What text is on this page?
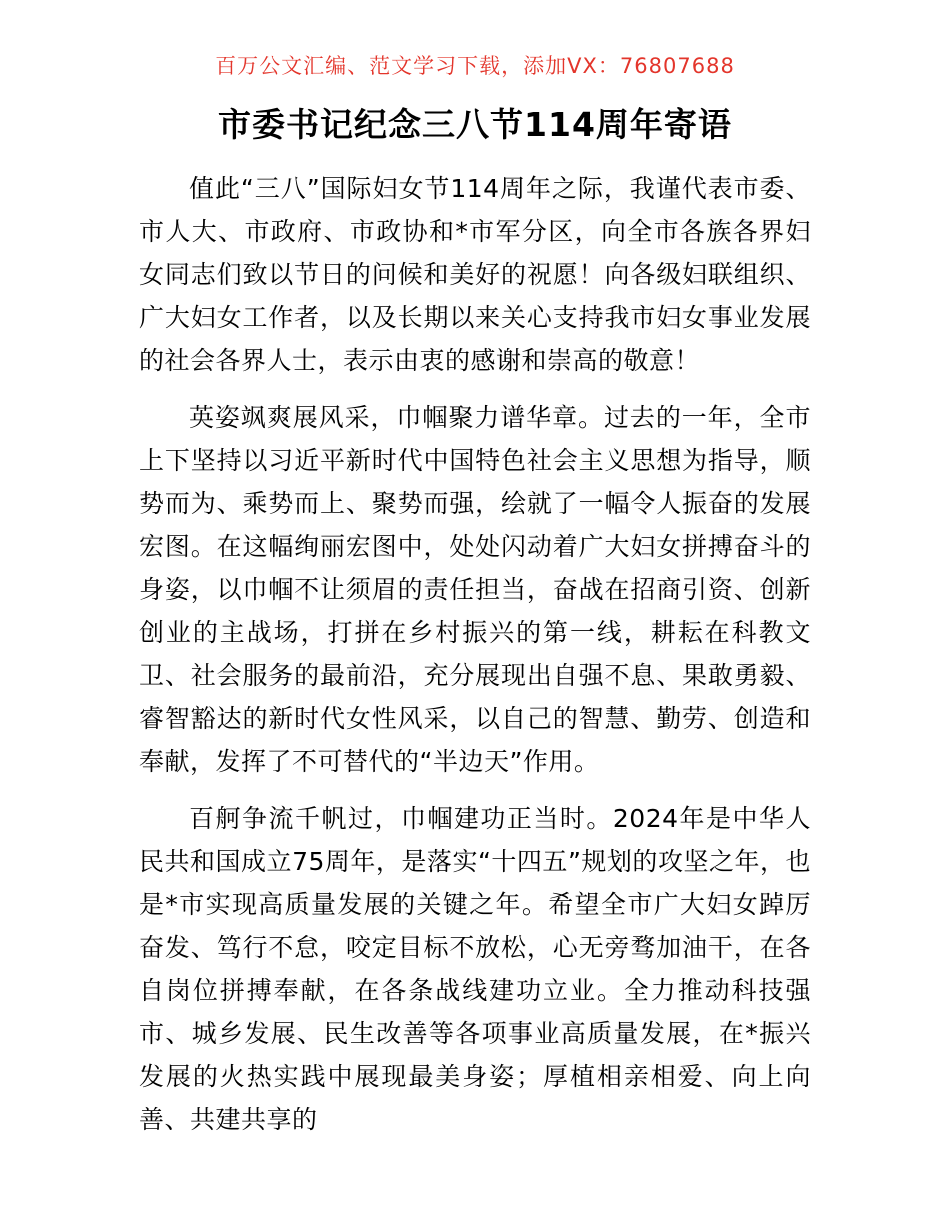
百万公文汇编、范文学习下载，添加VX：76807688
市委书记纪念三八节114周年寄语

值此“三八”国际妇女节114周年之际，我谨代表市委、市人大、市政府、市政协和*市军分区，向全市各族各界妇女同志们致以节日的问候和美好的祝愿！向各级妇联组织、广大妇女工作者，以及长期以来关心支持我市妇女事业发展的社会各界人士，表示由衷的感谢和崇高的敬意！

英姿飒爽展风采，巾帼聚力谱华章。过去的一年，全市上下坚持以习近平新时代中国特色社会主义思想为指导，顺势而为、乘势而上、聚势而强，绘就了一幅令人振奋的发展宏图。在这幅绚丽宏图中，处处闪动着广大妇女拼搏奋斗的身姿，以巾帼不让须眉的责任担当，奋战在招商引资、创新创业的主战场，打拼在乡村振兴的第一线，耕耘在科教文卫、社会服务的最前沿，充分展现出自强不息、果敢勇毅、睿智豁达的新时代女性风采，以自己的智慧、勤劳、创造和奉献，发挥了不可替代的“半边天”作用。

百舸争流千帆过，巾帼建功正当时。2024年是中华人民共和国成立75周年，是落实“十四五”规划的攻坚之年，也是*市实现高质量发展的关键之年。希望全市广大妇女踔厉奋发、笃行不怠，咬定目标不放松，心无旁骛加油干，在各自岗位拼搏奉献，在各条战线建功立业。全力推动科技强市、城乡发展、民生改善等各项事业高质量发展，在*振兴发展的火热实践中展现最美身姿；厚植相亲相爱、向上向善、共建共享的
